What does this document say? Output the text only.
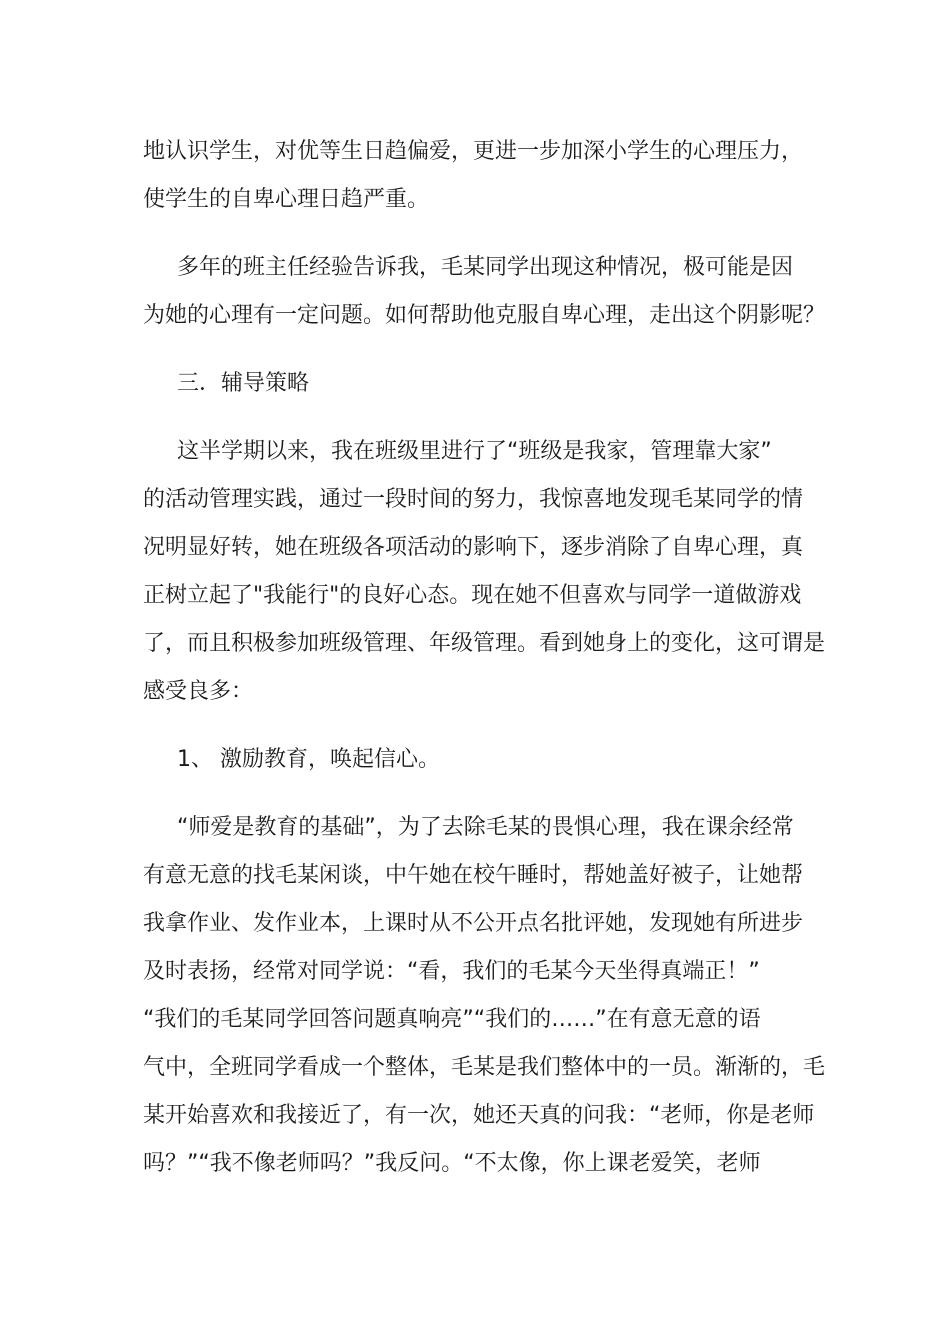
地认识学生，对优等生日趋偏爱，更进一步加深小学生的心理压力，
使学生的自卑心理日趋严重。
多年的班主任经验告诉我，毛某同学出现这种情况，极可能是因
为她的心理有一定问题。如何帮助他克服自卑心理，走出这个阴影呢？
三．辅导策略
这半学期以来，我在班级里进行了“班级是我家，管理靠大家”
的活动管理实践，通过一段时间的努力，我惊喜地发现毛某同学的情
况明显好转，她在班级各项活动的影响下，逐步消除了自卑心理，真
正树立起了"我能行"的良好心态。现在她不但喜欢与同学一道做游戏
了，而且积极参加班级管理、年级管理。看到她身上的变化，这可谓是
感受良多：
1、 激励教育，唤起信心。
“师爱是教育的基础”，为了去除毛某的畏惧心理，我在课余经常
有意无意的找毛某闲谈，中午她在校午睡时，帮她盖好被子，让她帮
我拿作业、发作业本，上课时从不公开点名批评她，发现她有所进步
及时表扬，经常对同学说：“看，我们的毛某今天坐得真端正！”
“我们的毛某同学回答问题真响亮”“我们的……”在有意无意的语
气中，全班同学看成一个整体，毛某是我们整体中的一员。渐渐的，毛
某开始喜欢和我接近了，有一次，她还天真的问我：“老师，你是老师
吗？”“我不像老师吗？”我反问。“不太像，你上课老爱笑，老师
